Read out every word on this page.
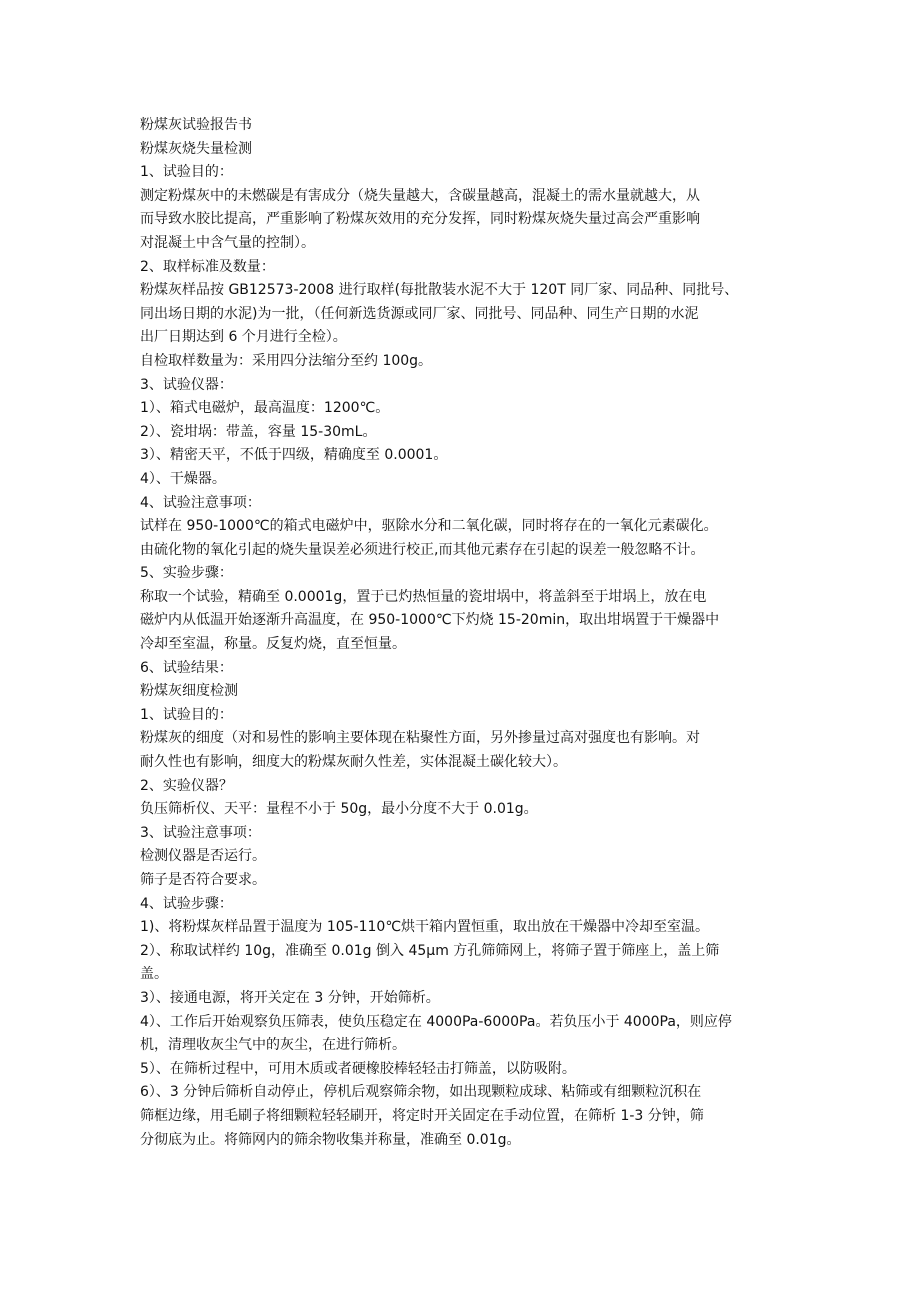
粉煤灰试验报告书
粉煤灰烧失量检测
1、试验目的：
测定粉煤灰中的未燃碳是有害成分（烧失量越大，含碳量越高，混凝土的需水量就越大，从
而导致水胶比提高，严重影响了粉煤灰效用的充分发挥，同时粉煤灰烧失量过高会严重影响
对混凝土中含气量的控制）。
2、取样标准及数量：
粉煤灰样品按 GB12573-2008 进行取样(每批散装水泥不大于 120T 同厂家、同品种、同批号、
同出场日期的水泥)为一批，（任何新选货源或同厂家、同批号、同品种、同生产日期的水泥
出厂日期达到 6 个月进行全检）。
自检取样数量为：采用四分法缩分至约 100g。
3、试验仪器：
1）、箱式电磁炉，最高温度：1200℃。
2）、瓷坩埚：带盖，容量 15-30mL。
3）、精密天平，不低于四级，精确度至 0.0001。
4）、干燥器。
4、试验注意事项：
试样在 950-1000℃的箱式电磁炉中，驱除水分和二氧化碳，同时将存在的一氧化元素碳化。
由硫化物的氧化引起的烧失量误差必须进行校正,而其他元素存在引起的误差一般忽略不计。
5、实验步骤：
称取一个试验，精确至 0.0001g，置于已灼热恒量的瓷坩埚中，将盖斜至于坩埚上，放在电
磁炉内从低温开始逐渐升高温度，在 950-1000℃下灼烧 15-20min，取出坩埚置于干燥器中
冷却至室温，称量。反复灼烧，直至恒量。
6、试验结果：
粉煤灰细度检测
1、试验目的：
粉煤灰的细度（对和易性的影响主要体现在粘聚性方面，另外掺量过高对强度也有影响。对
耐久性也有影响，细度大的粉煤灰耐久性差，实体混凝土碳化较大）。
2、实验仪器？
负压筛析仪、天平：量程不小于 50g，最小分度不大于 0.01g。
3、试验注意事项：
检测仪器是否运行。
筛子是否符合要求。
4、试验步骤：
1)、将粉煤灰样品置于温度为 105-110℃烘干箱内置恒重，取出放在干燥器中冷却至室温。
2）、称取试样约 10g，准确至 0.01g 倒入 45μm 方孔筛筛网上，将筛子置于筛座上，盖上筛
盖。
3）、接通电源，将开关定在 3 分钟，开始筛析。
4）、工作后开始观察负压筛表，使负压稳定在 4000Pa-6000Pa。若负压小于 4000Pa，则应停
机，清理收灰尘气中的灰尘，在进行筛析。
5）、在筛析过程中，可用木质或者硬橡胶棒轻轻击打筛盖，以防吸附。
6）、3 分钟后筛析自动停止，停机后观察筛余物，如出现颗粒成球、粘筛或有细颗粒沉积在
筛框边缘，用毛刷子将细颗粒轻轻刷开，将定时开关固定在手动位置，在筛析 1-3 分钟，筛
分彻底为止。将筛网内的筛余物收集并称量，准确至 0.01g。
